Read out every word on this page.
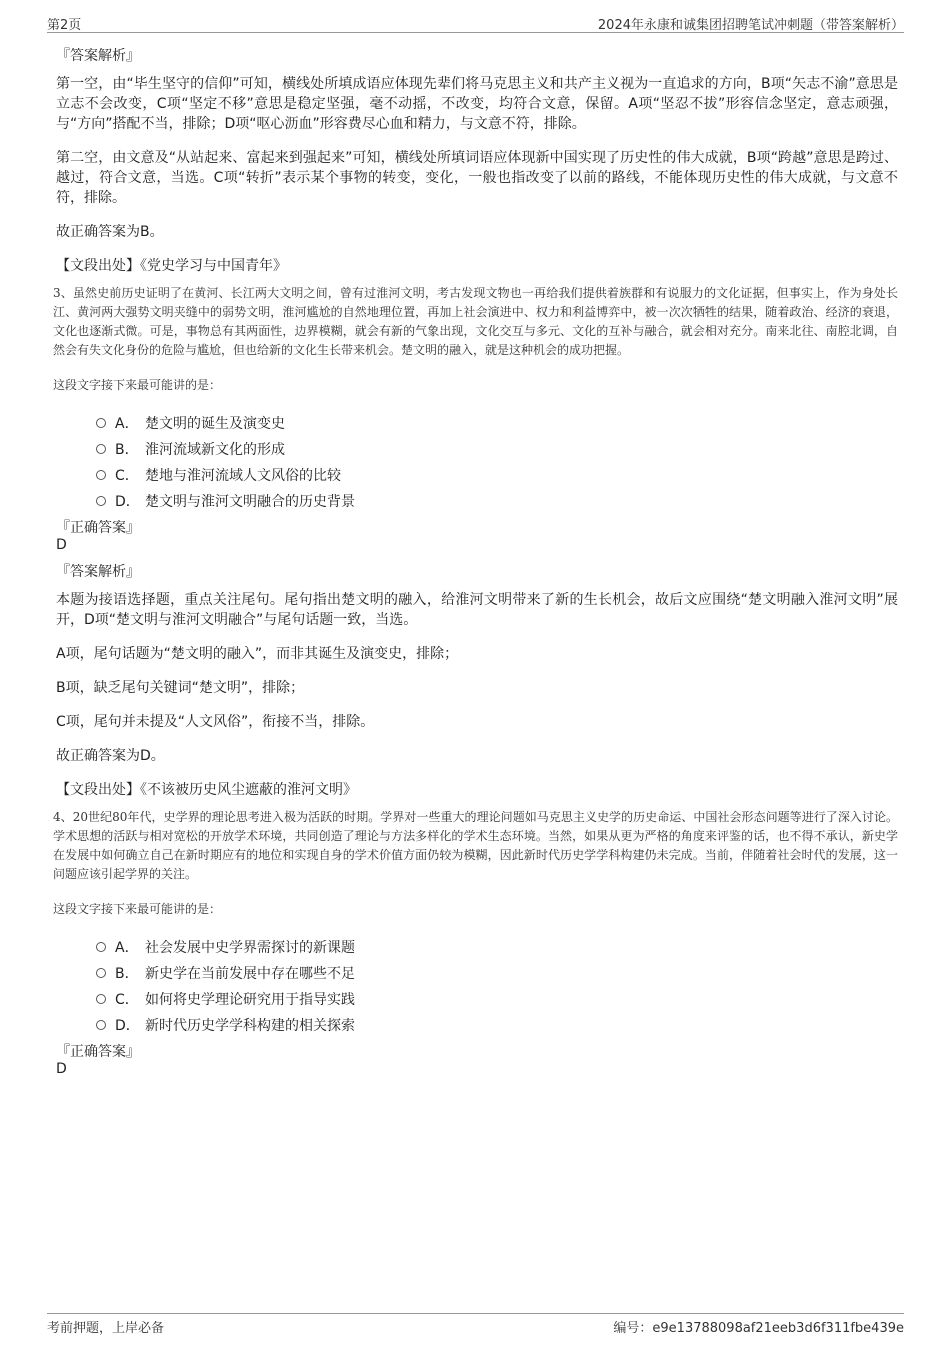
第2页	2024年永康和诚集团招聘笔试冲刺题（带答案解析）
『答案解析』

第一空，由“毕生坚守的信仰”可知，横线处所填成语应体现先辈们将马克思主义和共产主义视为一直追求的方向，B项“矢志不渝”意思是立志不会改变，C项“坚定不移”意思是稳定坚强，毫不动摇，不改变，均符合文意，保留。A项“坚忍不拔”形容信念坚定，意志顽强，与“方向”搭配不当，排除；D项“呕心沥血”形容费尽心血和精力，与文意不符，排除。

第二空，由文意及“从站起来、富起来到强起来”可知，横线处所填词语应体现新中国实现了历史性的伟大成就，B项“跨越”意思是跨过、越过，符合文意，当选。C项“转折”表示某个事物的转变，变化，一般也指改变了以前的路线，不能体现历史性的伟大成就，与文意不符，排除。

故正确答案为B。

【文段出处】《党史学习与中国青年》

3、虽然史前历史证明了在黄河、长江两大文明之间，曾有过淮河文明，考古发现文物也一再给我们提供着族群和有说服力的文化证据，但事实上，作为身处长江、黄河两大强势文明夹缝中的弱势文明，淮河尴尬的自然地理位置，再加上社会演进中、权力和利益博弈中，被一次次牺牲的结果，随着政治、经济的衰退，文化也逐渐式微。可是，事物总有其两面性，边界模糊，就会有新的气象出现，文化交互与多元、文化的互补与融合，就会相对充分。南来北往、南腔北调，自然会有失文化身份的危险与尴尬，但也给新的文化生长带来机会。楚文明的融入，就是这种机会的成功把握。

这段文字接下来最可能讲的是：
A． 楚文明的诞生及演变史
B． 淮河流域新文化的形成
C． 楚地与淮河流域人文风俗的比较
D． 楚文明与淮河文明融合的历史背景
『正确答案』
D
『答案解析』

本题为接语选择题，重点关注尾句。尾句指出楚文明的融入，给淮河文明带来了新的生长机会，故后文应围绕“楚文明融入淮河文明”展开，D项“楚文明与淮河文明融合”与尾句话题一致，当选。

A项，尾句话题为“楚文明的融入”，而非其诞生及演变史，排除；

B项，缺乏尾句关键词“楚文明”，排除；

C项，尾句并未提及“人文风俗”，衔接不当，排除。

故正确答案为D。

【文段出处】《不该被历史风尘遮蔽的淮河文明》

4、20世纪80年代，史学界的理论思考进入极为活跃的时期。学界对一些重大的理论问题如马克思主义史学的历史命运、中国社会形态问题等进行了深入讨论。学术思想的活跃与相对宽松的开放学术环境，共同创造了理论与方法多样化的学术生态环境。当然，如果从更为严格的角度来评鉴的话，也不得不承认，新史学在发展中如何确立自己在新时期应有的地位和实现自身的学术价值方面仍较为模糊，因此新时代历史学学科构建仍未完成。当前，伴随着社会时代的发展，这一问题应该引起学界的关注。

这段文字接下来最可能讲的是：
A． 社会发展中史学界需探讨的新课题
B． 新史学在当前发展中存在哪些不足
C． 如何将史学理论研究用于指导实践
D． 新时代历史学学科构建的相关探索
『正确答案』
D
考前押题，上岸必备	编号：e9e13788098af21eeb3d6f311fbe439e
